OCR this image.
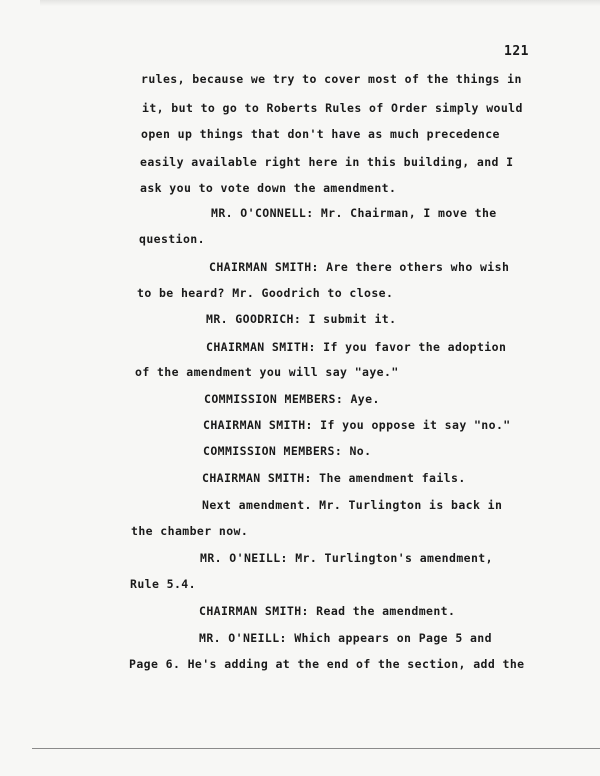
121
rules, because we try to cover most of the things in
it, but to go to Roberts Rules of Order simply would
open up things that don't have as much precedence
easily available right here in this building, and I
ask you to vote down the amendment.
MR. O'CONNELL: Mr. Chairman, I move the
question.
CHAIRMAN SMITH: Are there others who wish
to be heard? Mr. Goodrich to close.
MR. GOODRICH: I submit it.
CHAIRMAN SMITH: If you favor the adoption
of the amendment you will say "aye."
COMMISSION MEMBERS: Aye.
CHAIRMAN SMITH: If you oppose it say "no."
COMMISSION MEMBERS: No.
CHAIRMAN SMITH: The amendment fails.
Next amendment. Mr. Turlington is back in
the chamber now.
MR. O'NEILL: Mr. Turlington's amendment,
Rule 5.4.
CHAIRMAN SMITH: Read the amendment.
MR. O'NEILL: Which appears on Page 5 and
Page 6. He's adding at the end of the section, add the
